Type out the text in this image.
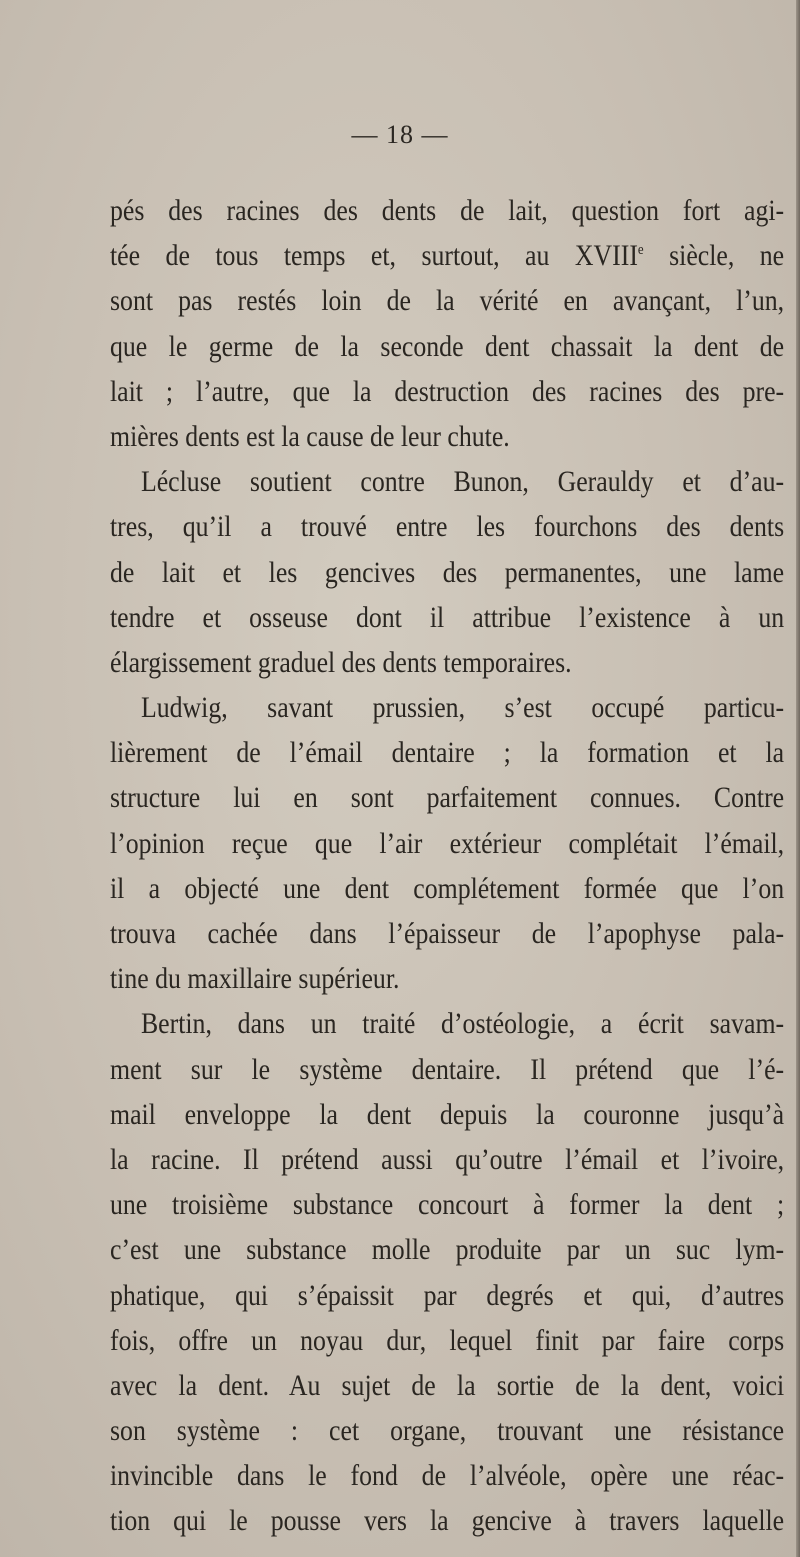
— 18 —
pés des racines des dents de lait, question fort agi-
tée de tous temps et, surtout, au XVIIIe siècle, ne
sont pas restés loin de la vérité en avançant, l’un,
que le germe de la seconde dent chassait la dent de
lait ; l’autre, que la destruction des racines des pre-
mières dents est la cause de leur chute.
Lécluse soutient contre Bunon, Gerauldy et d’au-
tres, qu’il a trouvé entre les fourchons des dents
de lait et les gencives des permanentes, une lame
tendre et osseuse dont il attribue l’existence à un
élargissement graduel des dents temporaires.
Ludwig, savant prussien, s’est occupé particu-
lièrement de l’émail dentaire ; la formation et la
structure lui en sont parfaitement connues. Contre
l’opinion reçue que l’air extérieur complétait l’émail,
il a objecté une dent complétement formée que l’on
trouva cachée dans l’épaisseur de l’apophyse pala-
tine du maxillaire supérieur.
Bertin, dans un traité d’ostéologie, a écrit savam-
ment sur le système dentaire. Il prétend que l’é-
mail enveloppe la dent depuis la couronne jusqu’à
la racine. Il prétend aussi qu’outre l’émail et l’ivoire,
une troisième substance concourt à former la dent ;
c’est une substance molle produite par un suc lym-
phatique, qui s’épaissit par degrés et qui, d’autres
fois, offre un noyau dur, lequel finit par faire corps
avec la dent. Au sujet de la sortie de la dent, voici
son système : cet organe, trouvant une résistance
invincible dans le fond de l’alvéole, opère une réac-
tion qui le pousse vers la gencive à travers laquelle
